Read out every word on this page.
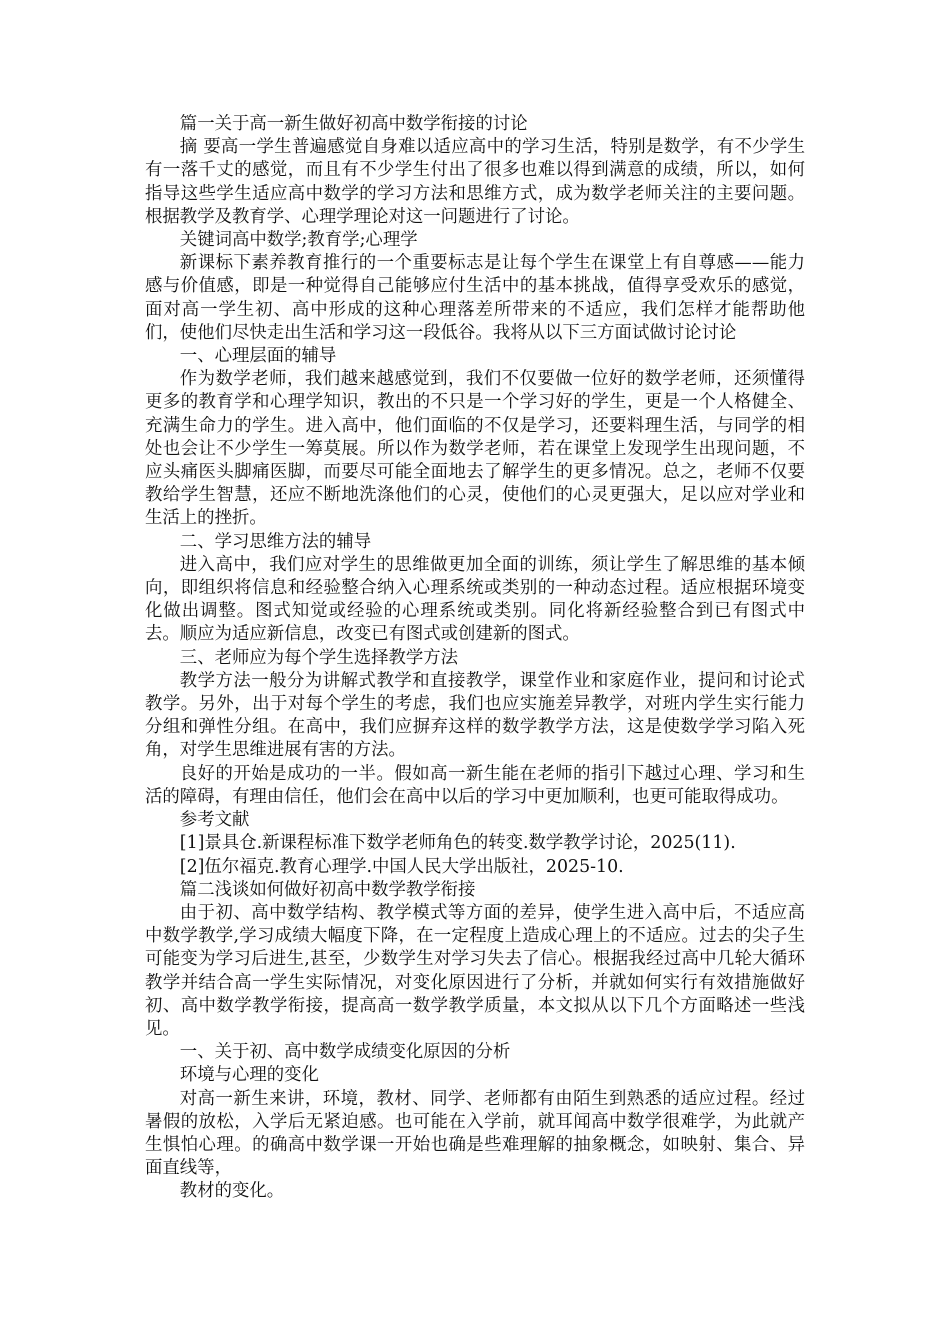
篇一关于高一新生做好初高中数学衔接的讨论

摘 要高一学生普遍感觉自身难以适应高中的学习生活，特别是数学，有不少学生有一落千丈的感觉，而且有不少学生付出了很多也难以得到满意的成绩，所以，如何指导这些学生适应高中数学的学习方法和思维方式，成为数学老师关注的主要问题。根据教学及教育学、心理学理论对这一问题进行了讨论。

关键词高中数学;教育学;心理学

新课标下素养教育推行的一个重要标志是让每个学生在课堂上有自尊感——能力感与价值感，即是一种觉得自己能够应付生活中的基本挑战，值得享受欢乐的感觉，面对高一学生初、高中形成的这种心理落差所带来的不适应，我们怎样才能帮助他们，使他们尽快走出生活和学习这一段低谷。我将从以下三方面试做讨论讨论

一、心理层面的辅导

作为数学老师，我们越来越感觉到，我们不仅要做一位好的数学老师，还须懂得更多的教育学和心理学知识，教出的不只是一个学习好的学生，更是一个人格健全、充满生命力的学生。进入高中，他们面临的不仅是学习，还要料理生活，与同学的相处也会让不少学生一筹莫展。所以作为数学老师，若在课堂上发现学生出现问题，不应头痛医头脚痛医脚，而要尽可能全面地去了解学生的更多情况。总之，老师不仅要教给学生智慧，还应不断地洗涤他们的心灵，使他们的心灵更强大，足以应对学业和生活上的挫折。

二、学习思维方法的辅导

进入高中，我们应对学生的思维做更加全面的训练，须让学生了解思维的基本倾向，即组织将信息和经验整合纳入心理系统或类别的一种动态过程。适应根据环境变化做出调整。图式知觉或经验的心理系统或类别。同化将新经验整合到已有图式中去。顺应为适应新信息，改变已有图式或创建新的图式。

三、老师应为每个学生选择教学方法

教学方法一般分为讲解式教学和直接教学，课堂作业和家庭作业，提问和讨论式教学。另外，出于对每个学生的考虑，我们也应实施差异教学，对班内学生实行能力分组和弹性分组。在高中，我们应摒弃这样的数学教学方法，这是使数学学习陷入死角，对学生思维进展有害的方法。

良好的开始是成功的一半。假如高一新生能在老师的指引下越过心理、学习和生活的障碍，有理由信任，他们会在高中以后的学习中更加顺利，也更可能取得成功。

参考文献

[1]景具仓.新课程标准下数学老师角色的转变.数学教学讨论，2025(11).

[2]伍尔福克.教育心理学.中国人民大学出版社，2025-10.

篇二浅谈如何做好初高中数学教学衔接

由于初、高中数学结构、教学模式等方面的差异，使学生进入高中后，不适应高中数学教学,学习成绩大幅度下降，在一定程度上造成心理上的不适应。过去的尖子生可能变为学习后进生,甚至，少数学生对学习失去了信心。根据我经过高中几轮大循环教学并结合高一学生实际情况，对变化原因进行了分析，并就如何实行有效措施做好初、高中数学教学衔接，提高高一数学教学质量，本文拟从以下几个方面略述一些浅见。

一、关于初、高中数学成绩变化原因的分析

环境与心理的变化

对高一新生来讲，环境，教材、同学、老师都有由陌生到熟悉的适应过程。经过暑假的放松，入学后无紧迫感。也可能在入学前，就耳闻高中数学很难学，为此就产生惧怕心理。的确高中数学课一开始也确是些难理解的抽象概念，如映射、集合、异面直线等，

教材的变化。
